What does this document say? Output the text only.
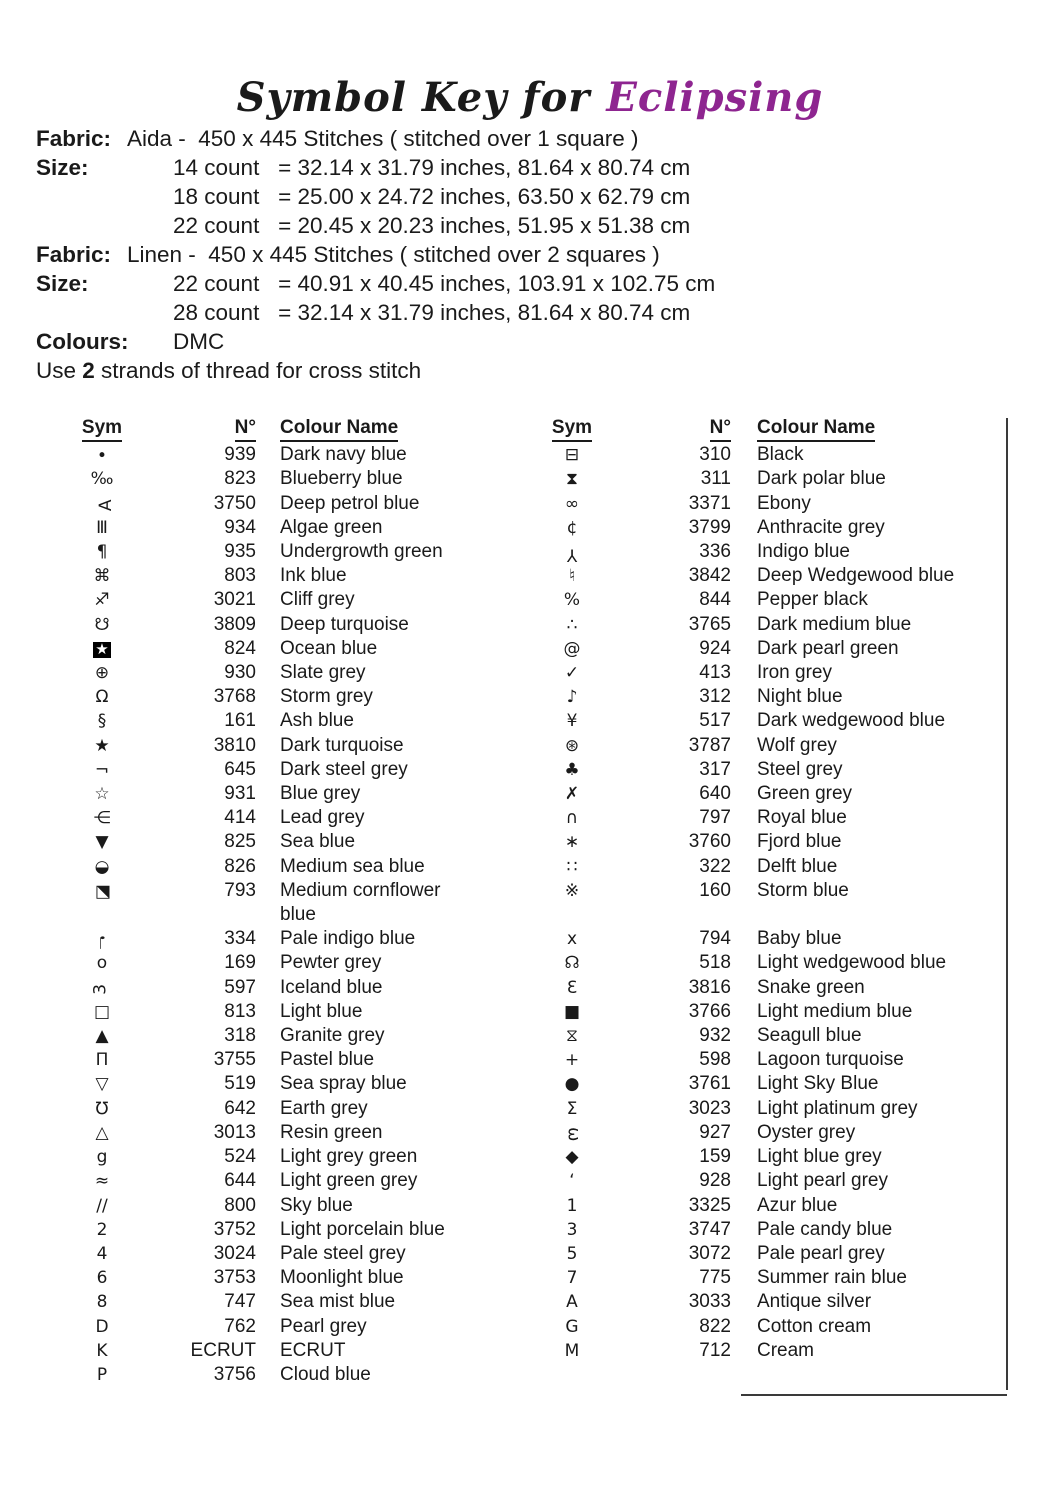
Symbol Key for Eclipsing
Fabric: Aida -  450 x 445 Stitches ( stitched over 1 square )
Size:	14 count   = 32.14 x 31.79 inches, 81.64 x 80.74 cm
18 count   = 25.00 x 24.72 inches, 63.50 x 62.79 cm
22 count   = 20.45 x 20.23 inches, 51.95 x 51.38 cm
Fabric: Linen -  450 x 445 Stitches ( stitched over 2 squares )
Size:	22 count   = 40.91 x 40.45 inches, 103.91 x 102.75 cm
28 count   = 32.14 x 31.79 inches, 81.64 x 80.74 cm
Colours: DMC
Use 2 strands of thread for cross stitch
Sym	N°	Colour Name
∙	939	Dark navy blue
‰	823	Blueberry blue
∀	3750	Deep petrol blue
Ⅲ	934	Algae green
¶	935	Undergrowth green
⌘	803	Ink blue
♐	3021	Cliff grey
☋	3809	Deep turquoise
★	824	Ocean blue
⊕	930	Slate grey
Ω	3768	Storm grey
§	161	Ash blue
★	3810	Dark turquoise
¬	645	Dark steel grey
☆	931	Blue grey
⋲	414	Lead grey
▼	825	Sea blue
◒	826	Medium sea blue
◩	793	Medium cornflower blue
♩	334	Pale indigo blue
o	169	Pewter grey
3	597	Iceland blue
□	813	Light blue
▲	318	Granite grey
Π	3755	Pastel blue
▽	519	Sea spray blue
℧	642	Earth grey
△	3013	Resin green
g	524	Light grey green
≈	644	Light green grey
∕∕	800	Sky blue
2	3752	Light porcelain blue
4	3024	Pale steel grey
6	3753	Moonlight blue
8	747	Sea mist blue
D	762	Pearl grey
K	ECRUT	ECRUT
P	3756	Cloud blue
Sym	N°	Colour Name
⊟	310	Black
⧗	311	Dark polar blue
∞	3371	Ebony
¢	3799	Anthracite grey
Y	336	Indigo blue
♮	3842	Deep Wedgewood blue
%	844	Pepper black
∴	3765	Dark medium blue
@	924	Dark pearl green
✓	413	Iron grey
♪	312	Night blue
¥	517	Dark wedgewood blue
⊛	3787	Wolf grey
♣	317	Steel grey
✗	640	Green grey
∩	797	Royal blue
∗	3760	Fjord blue
∷	322	Delft blue
※	160	Storm blue

x	794	Baby blue
☊	518	Light wedgewood blue
Ɛ	3816	Snake green
■	3766	Light medium blue
⧖	932	Seagull blue
+	598	Lagoon turquoise
●	3761	Light Sky Blue
Σ	3023	Light platinum grey
ω	927	Oyster grey
◆	159	Light blue grey
‘	928	Light pearl grey
1	3325	Azur blue
3	3747	Pale candy blue
5	3072	Pale pearl grey
7	775	Summer rain blue
A	3033	Antique silver
G	822	Cotton cream
M	712	Cream
